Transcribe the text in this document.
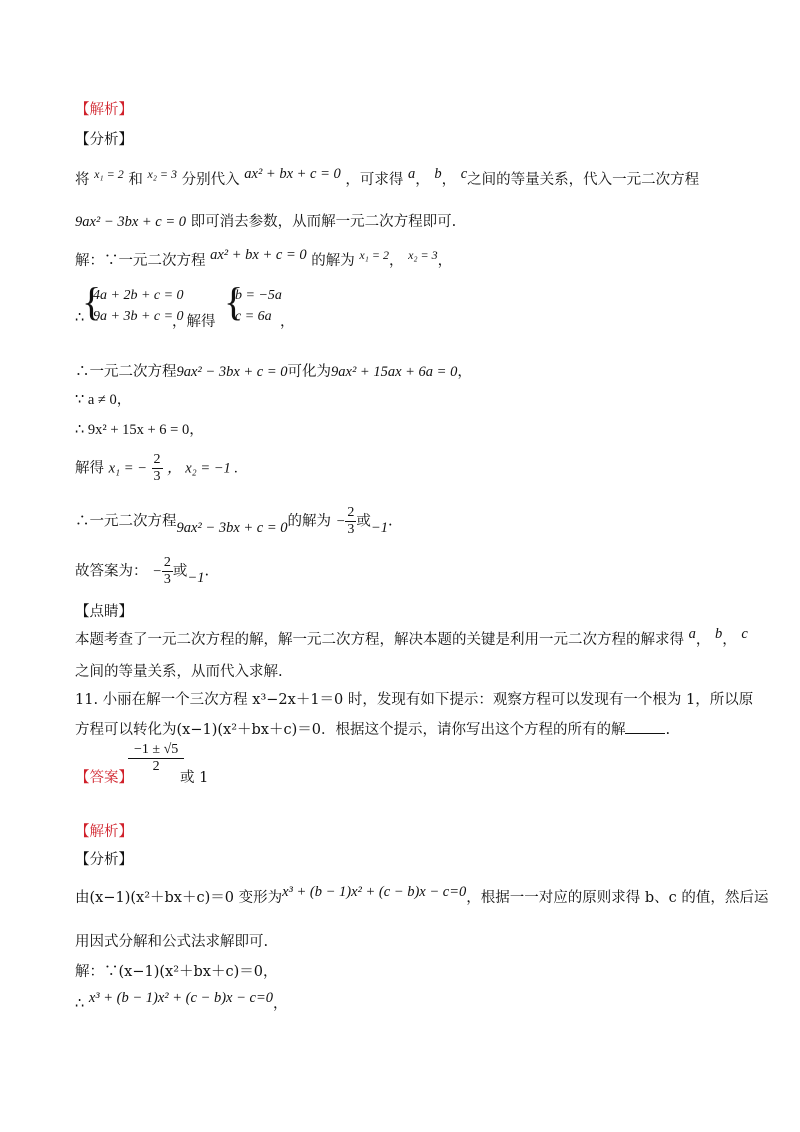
【解析】
【分析】
将 $^{x_1 = 2}$ 和 $^{x_2 = 3}$ 分别代入 ax² + bx + c = 0 ，可求得 a， b， c之间的等量关系，代入一元二次方程
9ax² − 3bx + c = 0 即可消去参数，从而解一元二次方程即可.
解：∵一元二次方程 ax² + bx + c = 0 的解为 $^{x_1 = 2}$， $^{x_2 = 3}$，
∴
{
4a + 2b + c = 0
9a + 3b + c = 0
，解得 {
b = −5a
c = 6a ，
∴一元二次方程9ax² − 3bx + c = 0可化为9ax² + 15ax + 6a = 0，
∵ a ≠ 0，
∴ 9x² + 15x + 6 = 0，
解得 x₁ = − $\frac{2}{3}$ ， x₂ = −1 .
∴一元二次方程9ax² − 3bx + c = 0的解为 − $\frac{2}{3}$ 或−1.
故答案为： − $\frac{2}{3}$ 或−1.
【点睛】
本题考查了一元二次方程的解，解一元二次方程，解决本题的关键是利用一元二次方程的解求得 a， b， c
之间的等量关系，从而代入求解.
11. 小丽在解一个三次方程 x³−2x＋1＝0 时，发现有如下提示：观察方程可以发现有一个根为 1，所以原
方程可以转化为(x−1)(x²＋bx＋c)＝0．根据这个提示，请你写出这个方程的所有的解	.
【答案】
$\frac{-1 \pm √5}{2}$
或 1
【解析】
【分析】
由(x−1)(x²＋bx＋c)＝0 变形为x³ + (b − 1)x² + (c − b)x − c=0，根据一一对应的原则求得 b、c 的值，然后运
用因式分解和公式法求解即可.
解：∵(x−1)(x²＋bx＋c)＝0，
∴ x³ + (b − 1)x² + (c − b)x − c=0，
